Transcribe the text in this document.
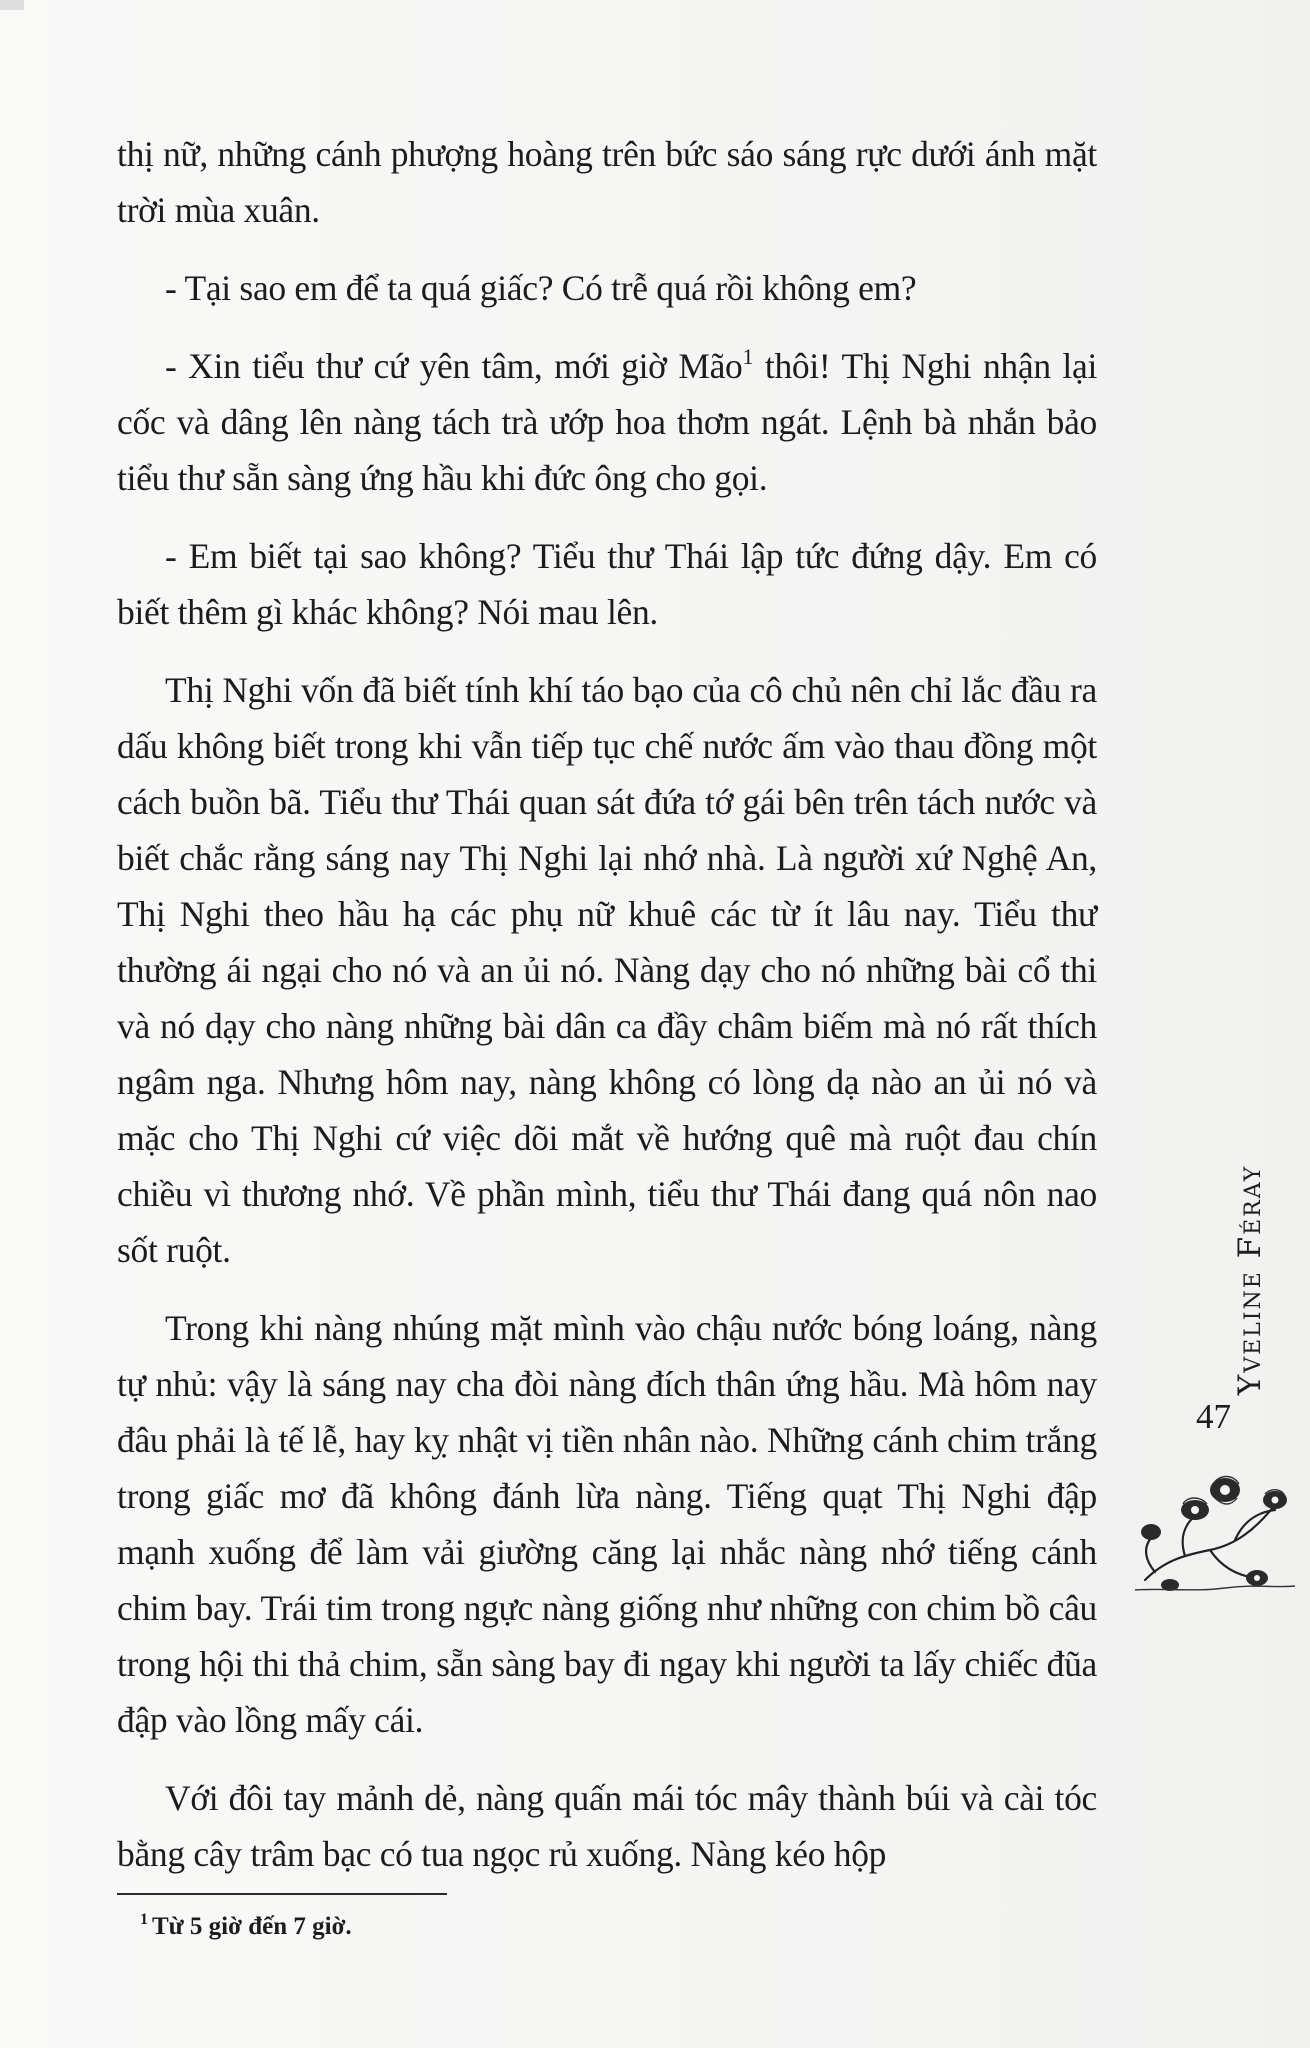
thị nữ, những cánh phượng hoàng trên bức sáo sáng rực dưới ánh mặt trời mùa xuân.

- Tại sao em để ta quá giấc? Có trễ quá rồi không em?

- Xin tiểu thư cứ yên tâm, mới giờ Mão$^1$ thôi! Thị Nghi nhận lại cốc và dâng lên nàng tách trà ướp hoa thơm ngát. Lệnh bà nhắn bảo tiểu thư sẵn sàng ứng hầu khi đức ông cho gọi.

- Em biết tại sao không? Tiểu thư Thái lập tức đứng dậy. Em có biết thêm gì khác không? Nói mau lên.

Thị Nghi vốn đã biết tính khí táo bạo của cô chủ nên chỉ lắc đầu ra dấu không biết trong khi vẫn tiếp tục chế nước ấm vào thau đồng một cách buồn bã. Tiểu thư Thái quan sát đứa tớ gái bên trên tách nước và biết chắc rằng sáng nay Thị Nghi lại nhớ nhà. Là người xứ Nghệ An, Thị Nghi theo hầu hạ các phụ nữ khuê các từ ít lâu nay. Tiểu thư thường ái ngại cho nó và an ủi nó. Nàng dạy cho nó những bài cổ thi và nó dạy cho nàng những bài dân ca đầy châm biếm mà nó rất thích ngâm nga. Nhưng hôm nay, nàng không có lòng dạ nào an ủi nó và mặc cho Thị Nghi cứ việc dõi mắt về hướng quê mà ruột đau chín chiều vì thương nhớ. Về phần mình, tiểu thư Thái đang quá nôn nao sốt ruột.

Trong khi nàng nhúng mặt mình vào chậu nước bóng loáng, nàng tự nhủ: vậy là sáng nay cha đòi nàng đích thân ứng hầu. Mà hôm nay đâu phải là tế lễ, hay kỵ nhật vị tiền nhân nào. Những cánh chim trắng trong giấc mơ đã không đánh lừa nàng. Tiếng quạt Thị Nghi đập mạnh xuống để làm vải giường căng lại nhắc nàng nhớ tiếng cánh chim bay. Trái tim trong ngực nàng giống như những con chim bồ câu trong hội thi thả chim, sẵn sàng bay đi ngay khi người ta lấy chiếc đũa đập vào lồng mấy cái.

Với đôi tay mảnh dẻ, nàng quấn mái tóc mây thành búi và cài tóc bằng cây trâm bạc có tua ngọc rủ xuống. Nàng kéo hộp

$^1$ Từ 5 giờ đến 7 giờ.
Yveline Féray
47
